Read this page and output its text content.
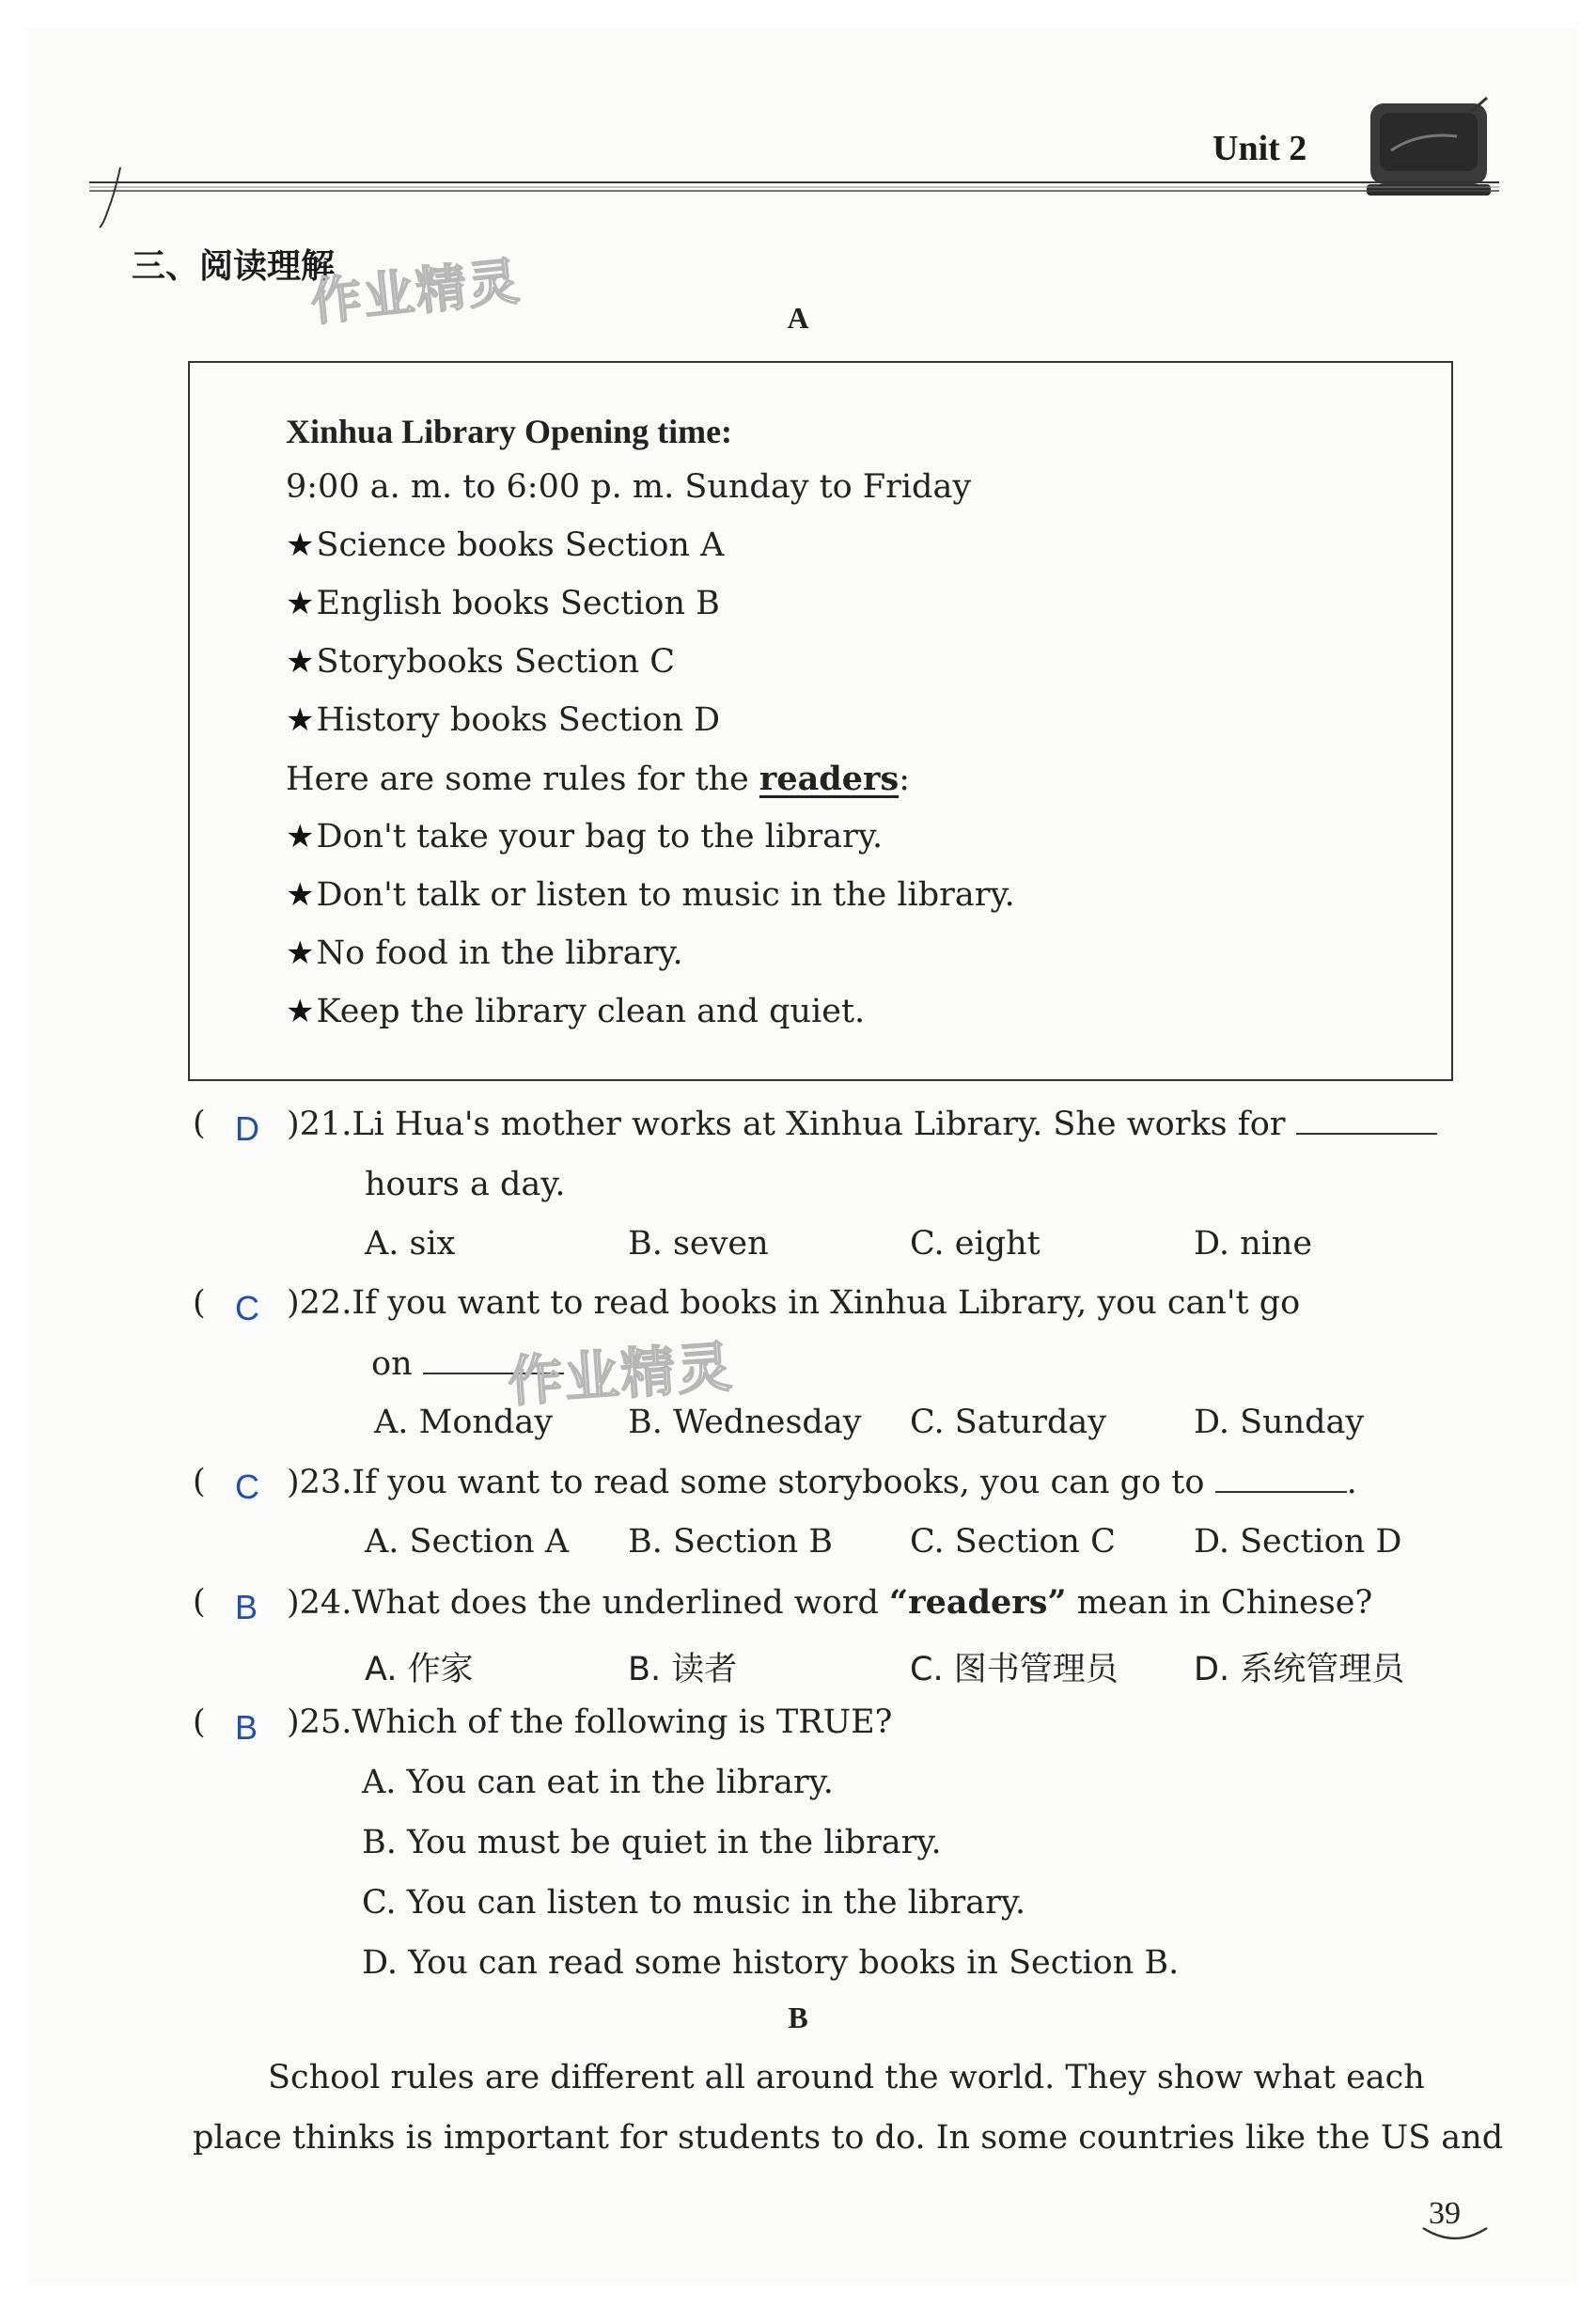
Unit 2
三、阅读理解
作业精灵	A
Xinhua Library Opening time:
9:00 a. m. to 6:00 p. m. Sunday to Friday
★Science books Section A
★English books Section B
★Storybooks Section C
★History books Section D
Here are some rules for the readers:
★Don't take your bag to the library.
★Don't talk or listen to music in the library.
★No food in the library.
★Keep the library clean and quiet.
( D )21.Li Hua's mother works at Xinhua Library. She works for
hours a day.
A. six	B. seven	C. eight	D. nine
( C )22.If you want to read books in Xinhua Library, you can't go
on	作业精灵
A. Monday B. Wednesday C. Saturday	D. Sunday
( C )23.If you want to read some storybooks, you can go to	.
A. Section A B. Section B C. Section C D. Section D
( B )24.What does the underlined word “readers” mean in Chinese?
A. 作家	B. 读者	C. 图书管理员 D. 系统管理员
( B )25.Which of the following is TRUE?
A. You can eat in the library.
B. You must be quiet in the library.
C. You can listen to music in the library.
D. You can read some history books in Section B.
B
School rules are different all around the world. They show what each
place thinks is important for students to do. In some countries like the US and
39
